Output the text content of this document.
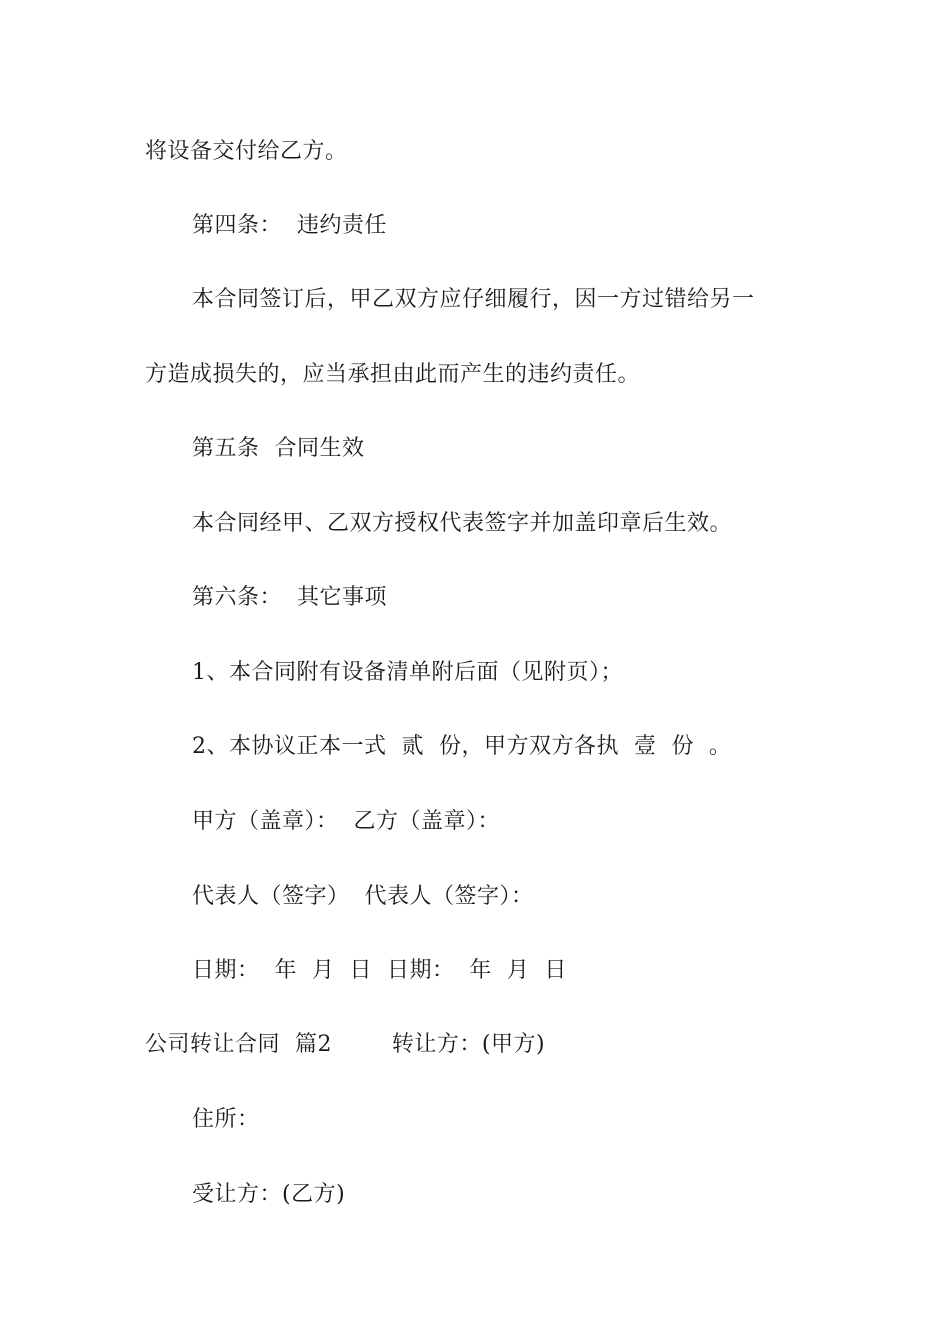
将设备交付给乙方。
第四条：  违约责任
本合同签订后，甲乙双方应仔细履行，因一方过错给另一
方造成损失的，应当承担由此而产生的违约责任。
第五条  合同生效
本合同经甲、乙双方授权代表签字并加盖印章后生效。
第六条：  其它事项
1、本合同附有设备清单附后面（见附页）；
2、本协议正本一式  贰  份，甲方双方各执  壹  份  。
甲方（盖章）：  乙方（盖章）：
代表人（签字）  代表人（签字）：
日期：  年  月  日  日期：  年  月  日
公司转让合同  篇2        转让方：(甲方)
住所：
受让方：(乙方)
